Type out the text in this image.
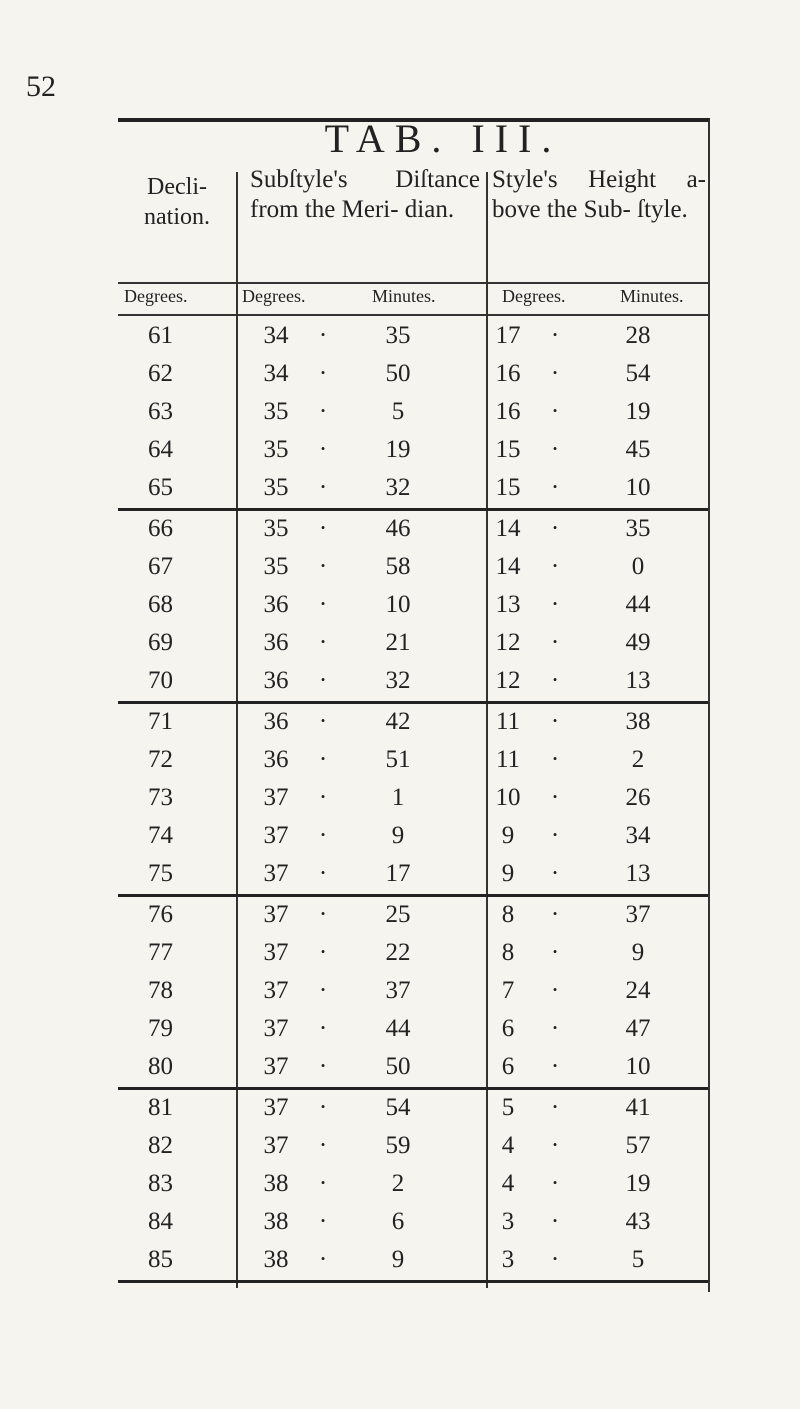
52
TAB. III.
Decli- nation.
Subſtyle's Diſtance from the Meri- dian.
Style's Height a- bove the Sub- ſtyle.
Degrees.	Degrees.	Minutes.	Degrees.	Minutes.
61	34	35	17	28
·	·
62	34	50	16	54
·	·
63	35	5	16	19
·	·
64	35	19	15	45
·	·
65	35	32	15	10
·	·
66	35	46	14	35
·	·
67	35	58	14	0
·	·
68	36	10	13	44
·	·
69	36	21	12	49
·	·
70	36	32	12	13
·	·
71	36	42	11	38
·	·
72	36	51	11	2
·	·
73	37	1	10	26
·	·
74	37	9	9	34
·	·
75	37	17	9	13
·	·
76	37	25	8	37
·	·
77	37	22	8	9
·	·
78	37	37	7	24
·	·
79	37	44	6	47
·	·
80	37	50	6	10
·	·
81	37	54	5	41
·	·
82	37	59	4	57
·	·
83	38	2	4	19
·	·
84	38	6	3	43
·	·
85	38	9	3	5
·	·
